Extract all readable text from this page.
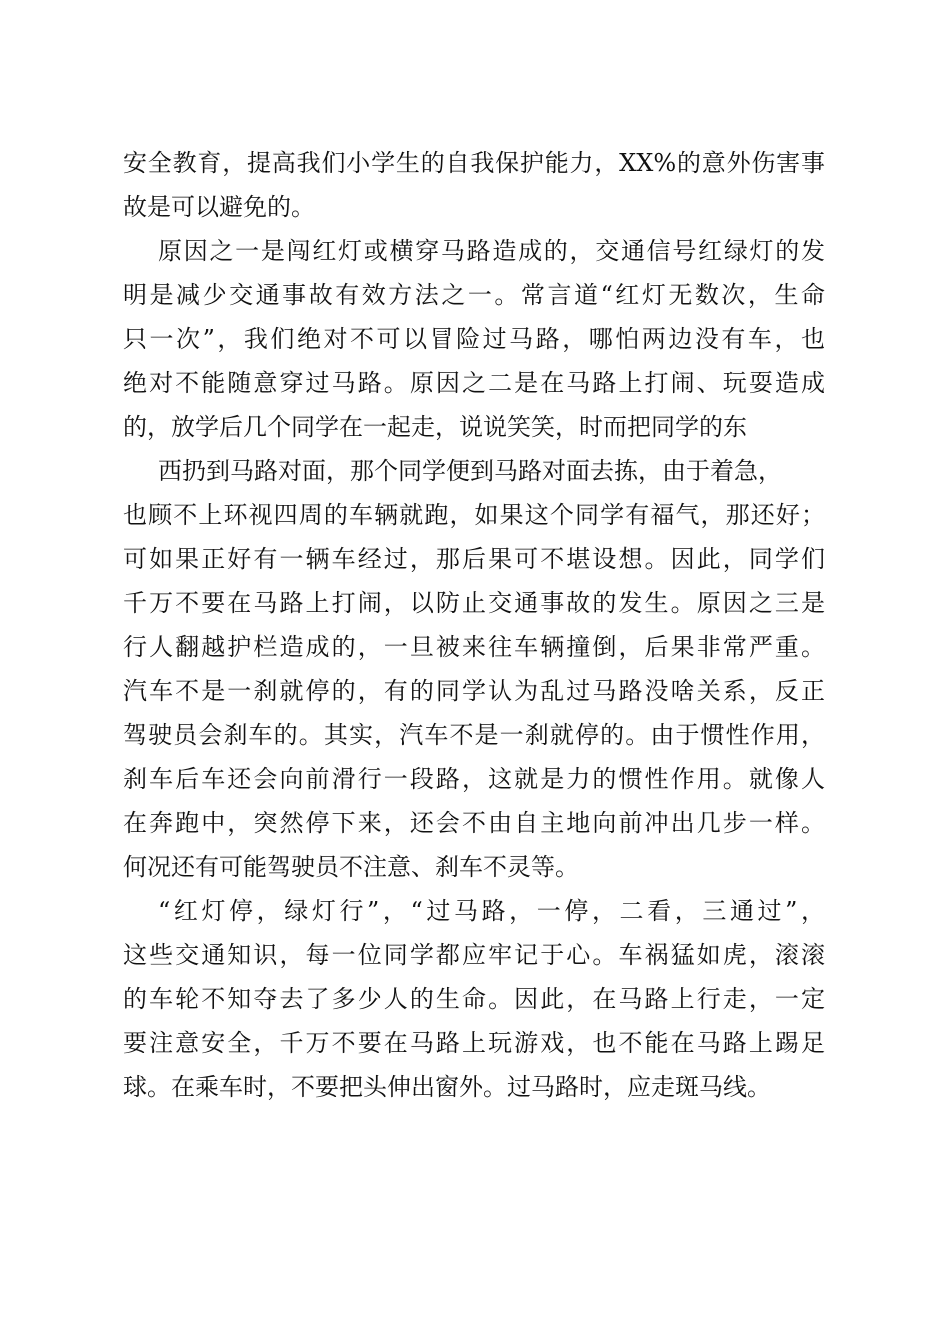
安全教育，提高我们小学生的自我保护能力，XX%的意外伤害事
故是可以避免的。
原因之一是闯红灯或横穿马路造成的，交通信号红绿灯的发
明是减少交通事故有效方法之一。常言道“红灯无数次，生命
只一次”，我们绝对不可以冒险过马路，哪怕两边没有车，也
绝对不能随意穿过马路。原因之二是在马路上打闹、玩耍造成
的，放学后几个同学在一起走，说说笑笑，时而把同学的东
西扔到马路对面，那个同学便到马路对面去拣，由于着急，
也顾不上环视四周的车辆就跑，如果这个同学有福气，那还好；
可如果正好有一辆车经过，那后果可不堪设想。因此，同学们
千万不要在马路上打闹，以防止交通事故的发生。原因之三是
行人翻越护栏造成的，一旦被来往车辆撞倒，后果非常严重。
汽车不是一刹就停的，有的同学认为乱过马路没啥关系，反正
驾驶员会刹车的。其实，汽车不是一刹就停的。由于惯性作用，
刹车后车还会向前滑行一段路，这就是力的惯性作用。就像人
在奔跑中，突然停下来，还会不由自主地向前冲出几步一样。
何况还有可能驾驶员不注意、刹车不灵等。
“红灯停，绿灯行”，“过马路，一停，二看，三通过”，
这些交通知识，每一位同学都应牢记于心。车祸猛如虎，滚滚
的车轮不知夺去了多少人的生命。因此，在马路上行走，一定
要注意安全，千万不要在马路上玩游戏，也不能在马路上踢足
球。在乘车时，不要把头伸出窗外。过马路时，应走斑马线。
